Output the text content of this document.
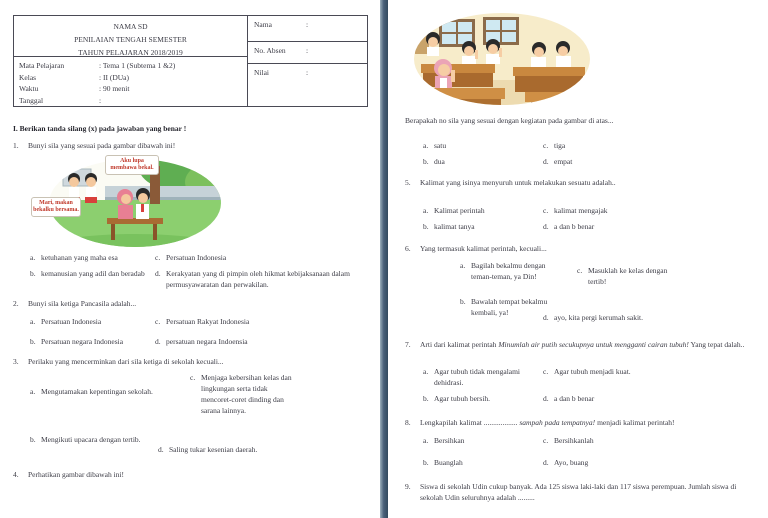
NAMA SD
PENILAIAN TENGAH SEMESTER
TAHUN PELAJARAN 2018/2019
Mata Pelajaran	: Tema 1 (Subtema 1 &2)
Kelas	: II (DUa)
Waktu	: 90 menit
Tanggal	:
Nama	:
No. Absen	:
Nilai	:
I. Berikan tanda silang (x) pada jawaban yang benar !
1.	Bunyi sila yang sesuai pada gambar dibawah ini!
Aku lupa membawa bekal.
Mari, makan bekalku bersama.
a. ketuhanan yang maha esa	c. Persatuan Indonesia
b. kemanusian yang adil dan beradab	d. Kerakyatan yang di pimpin oleh hikmat kebijaksanaan dalam permusyawaratan dan perwakilan.
2.	Bunyi sila ketiga Pancasila adalah...
a. Persatuan Indonesia	c. Persatuan Rakyat Indonesia
b. Persatuan negara Indonesia	d. persatuan negara Indoensia
3.	Perilaku yang mencerminkan dari sila ketiga di sekolah kecuali...
a. Mengutamakan kepentingan sekolah.
c. Menjaga kebersihan kelas dan lingkungan serta tidak mencoret-coret dinding dan sarana lainnya.
b. Mengikuti upacara dengan tertib.
d. Saling tukar kesenian daerah.
4.	Perhatikan gambar dibawah ini!
Berapakah no sila yang sesuai dengan kegiatan pada gambar di atas...
a. satu	c. tiga
b. dua	d. empat
5.	Kalimat yang isinya menyuruh untuk melakukan sesuatu adalah..
a. Kalimat perintah	c. kalimat mengajak
b. kalimat tanya	d. a dan b benar
6.	Yang termasuk kalimat perintah, kecuali...
a. Bagilah bekalmu dengan teman-teman, ya Din!
c. Masuklah ke kelas dengan tertib!
b. Bawalah tempat bekalmu kembali, ya!
d. ayo, kita pergi kerumah sakit.
7.	Arti dari kalimat perintah Minumlah air putih secukupnya untuk mengganti cairan tubuh! Yang tepat dalah..
a. Agar tubuh tidak mengalami dehidrasi.
c. Agar tubuh menjadi kuat.
b. Agar tubuh bersih.	d. a dan b benar
8.	Lengkapilah kalimat .................. sampah pada tempatnya! menjadi kalimat perintah!
a. Bersihkan	c. Bersihkanlah
b. Buanglah	d. Ayo, buang
9.	Siswa di sekolah Udin cukup banyak. Ada 125 siswa laki-laki dan 117 siswa perempuan. Jumlah siswa di sekolah Udin seluruhnya adalah .........
